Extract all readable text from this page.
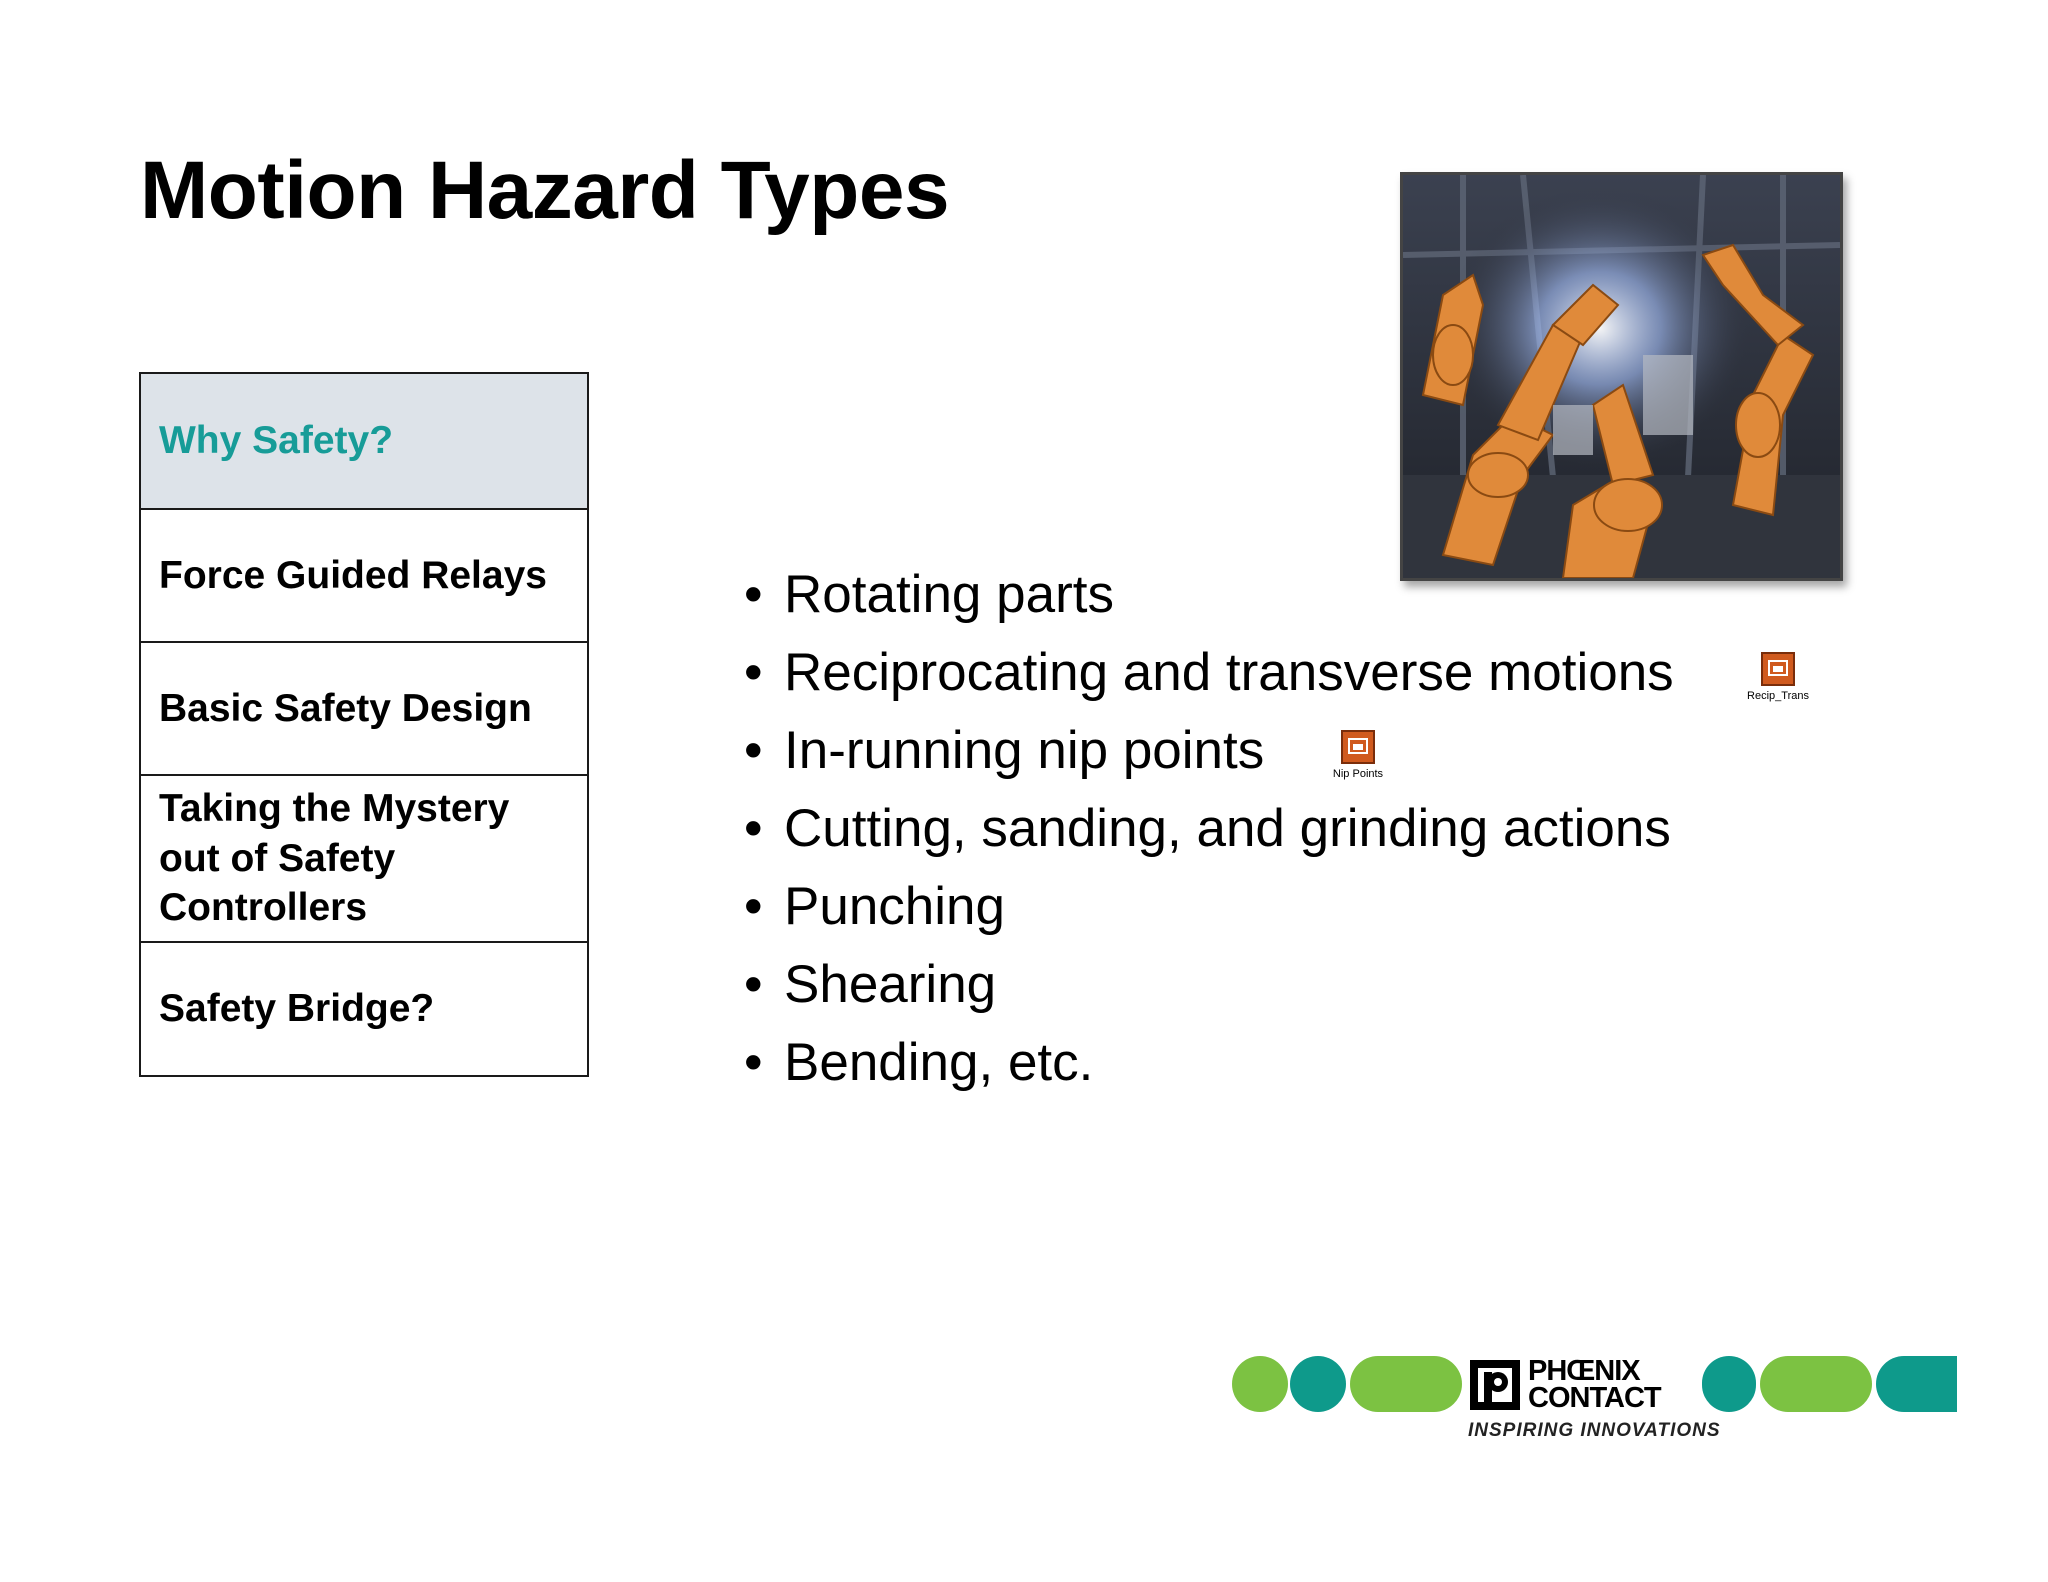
Motion Hazard Types
Why Safety?
Force Guided Relays
Basic Safety Design
Taking the Mystery out of Safety Controllers
Safety Bridge?
• Rotating parts
• Reciprocating and transverse motions
• In-running nip points
• Cutting, sanding, and grinding actions
• Punching
• Shearing
• Bending, etc.
Recip_Trans
Nip Points
PHŒNIX
CONTACT
INSPIRING INNOVATIONS
